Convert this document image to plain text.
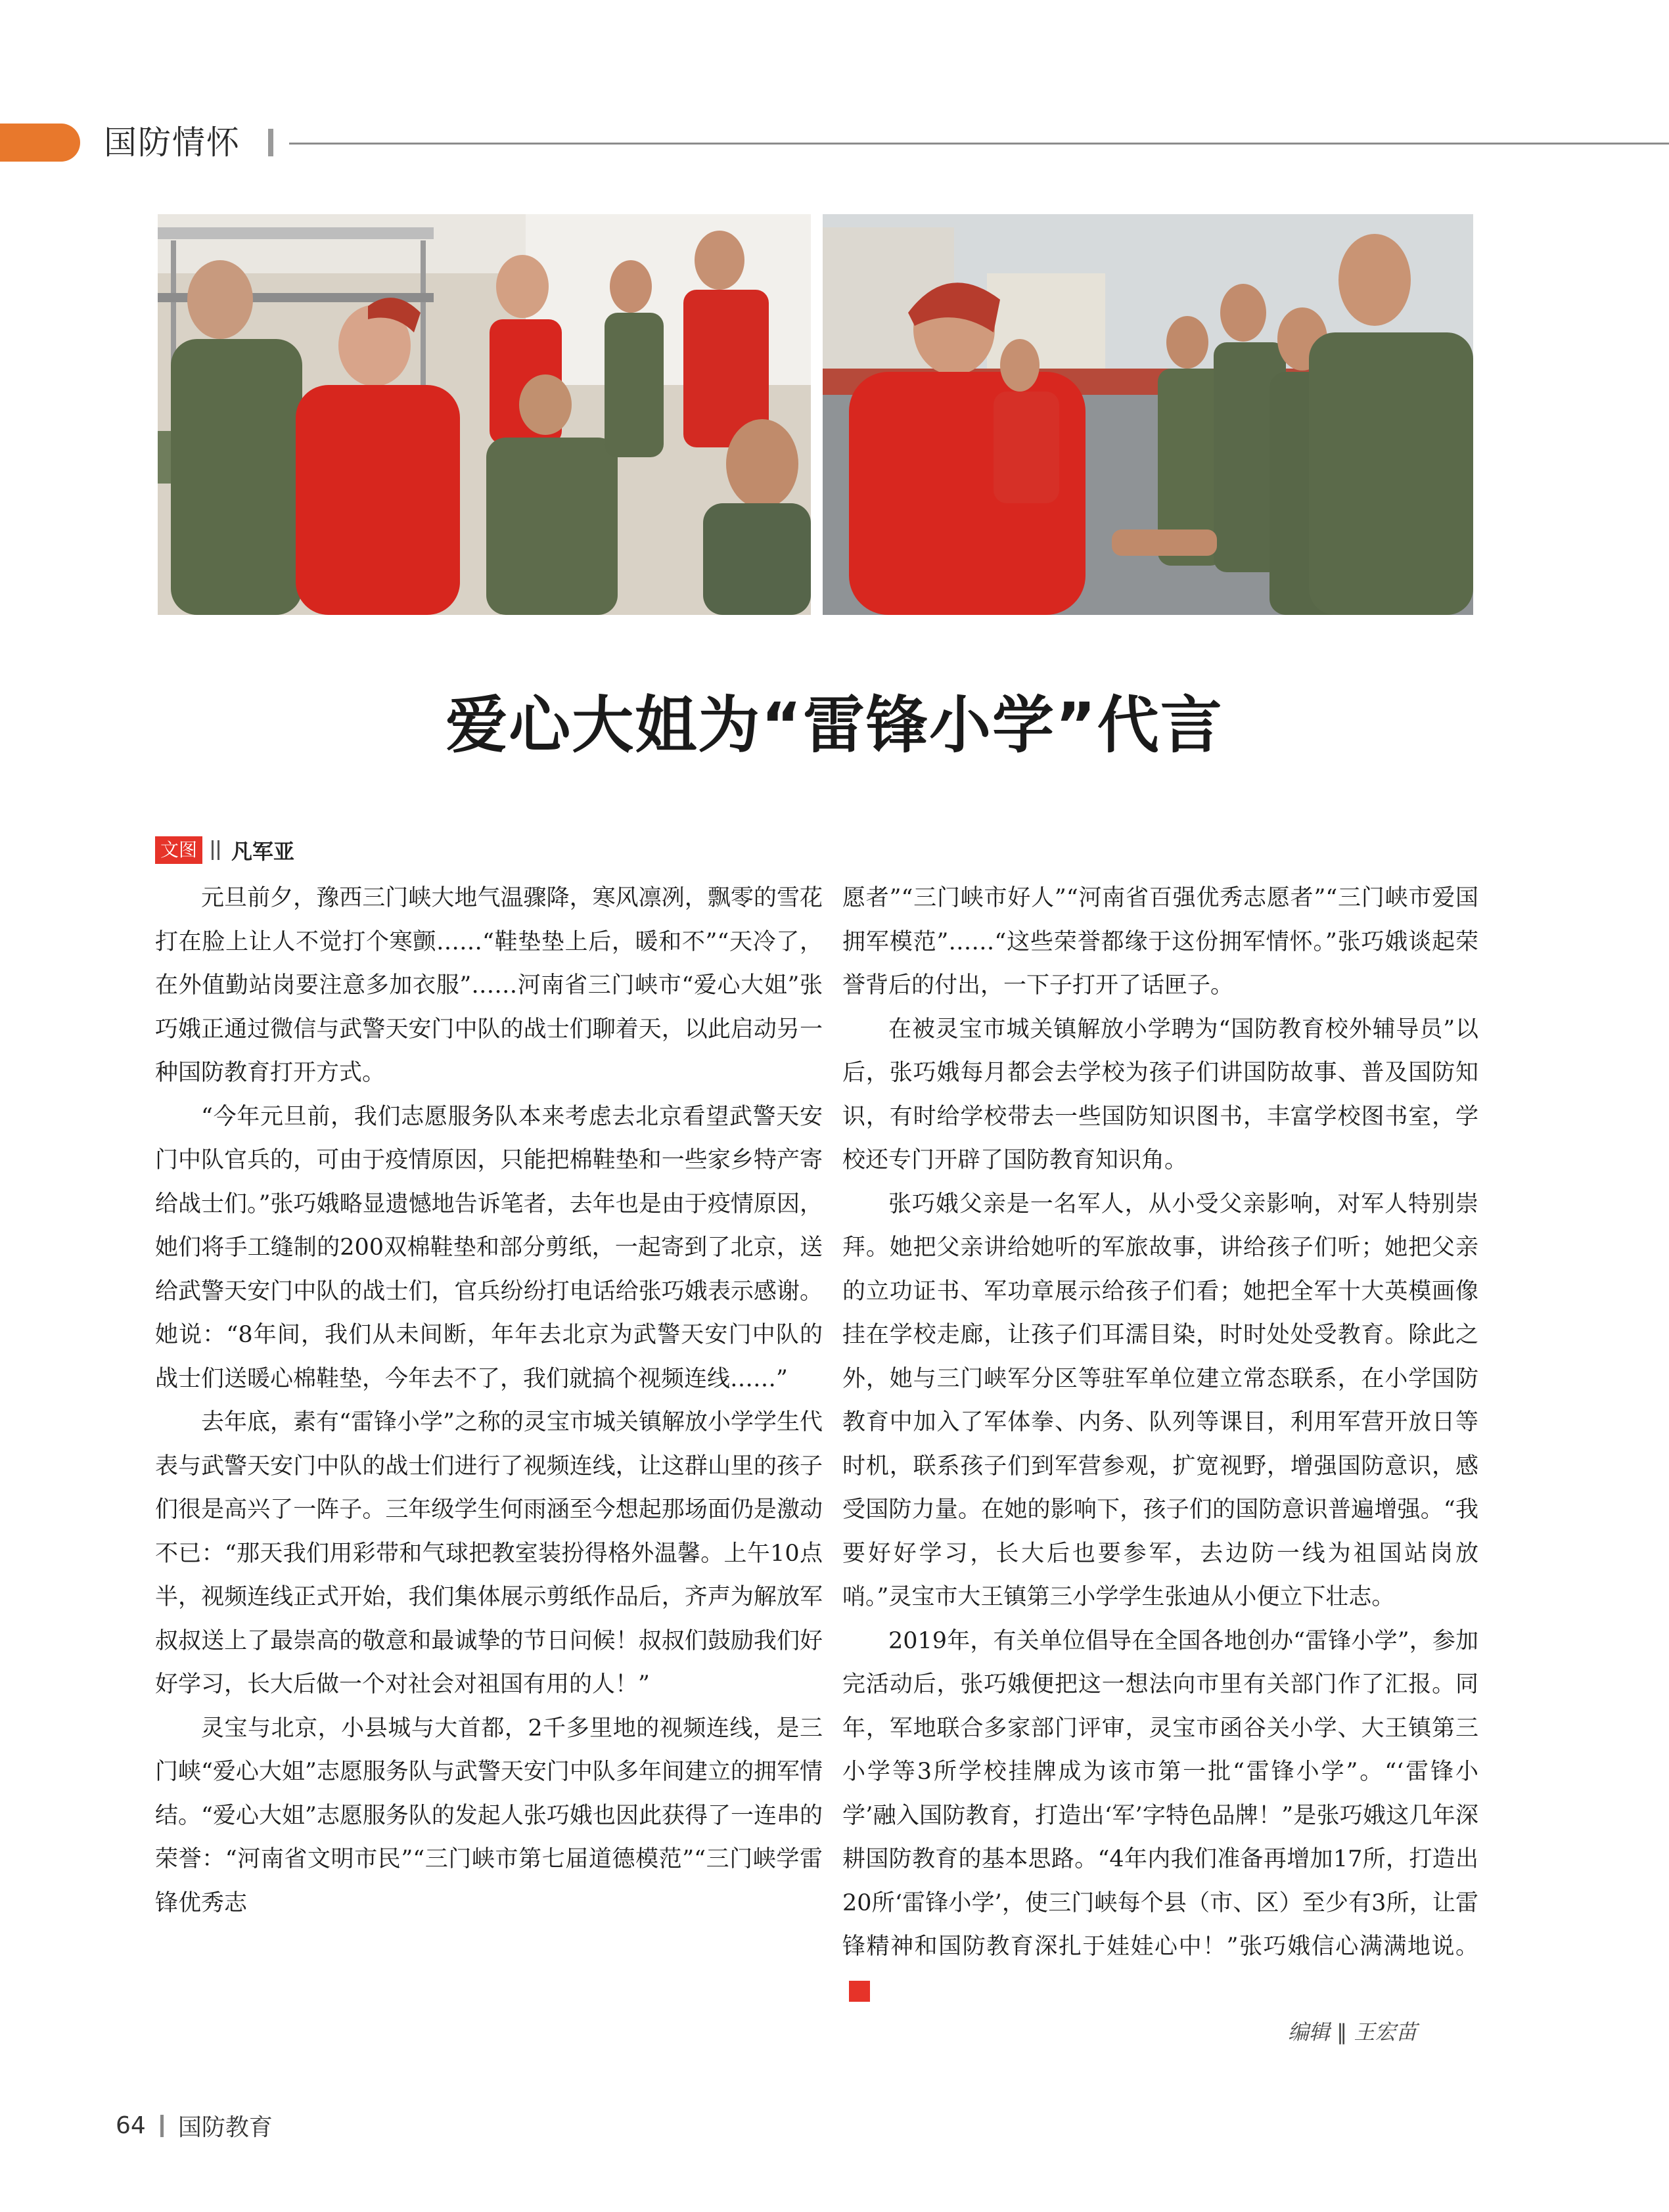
国防情怀
爱心大姐为“雷锋小学”代言
文图 凡军亚

元旦前夕，豫西三门峡大地气温骤降，寒风凛冽，飘零的雪花打在脸上让人不觉打个寒颤……“鞋垫垫上后，暖和不”“天冷了，在外值勤站岗要注意多加衣服”……河南省三门峡市“爱心大姐”张巧娥正通过微信与武警天安门中队的战士们聊着天，以此启动另一种国防教育打开方式。

“今年元旦前，我们志愿服务队本来考虑去北京看望武警天安门中队官兵的，可由于疫情原因，只能把棉鞋垫和一些家乡特产寄给战士们。”张巧娥略显遗憾地告诉笔者，去年也是由于疫情原因，她们将手工缝制的200双棉鞋垫和部分剪纸，一起寄到了北京，送给武警天安门中队的战士们，官兵纷纷打电话给张巧娥表示感谢。她说：“8年间，我们从未间断，年年去北京为武警天安门中队的战士们送暖心棉鞋垫，今年去不了，我们就搞个视频连线……”

去年底，素有“雷锋小学”之称的灵宝市城关镇解放小学学生代表与武警天安门中队的战士们进行了视频连线，让这群山里的孩子们很是高兴了一阵子。三年级学生何雨涵至今想起那场面仍是激动不已：“那天我们用彩带和气球把教室装扮得格外温馨。上午10点半，视频连线正式开始，我们集体展示剪纸作品后，齐声为解放军叔叔送上了最崇高的敬意和最诚挚的节日问候！叔叔们鼓励我们好好学习，长大后做一个对社会对祖国有用的人！”

灵宝与北京，小县城与大首都，2千多里地的视频连线，是三门峡“爱心大姐”志愿服务队与武警天安门中队多年间建立的拥军情结。“爱心大姐”志愿服务队的发起人张巧娥也因此获得了一连串的荣誉：“河南省文明市民”“三门峡市第七届道德模范”“三门峡学雷锋优秀志

愿者”“三门峡市好人”“河南省百强优秀志愿者”“三门峡市爱国拥军模范”……“这些荣誉都缘于这份拥军情怀。”张巧娥谈起荣誉背后的付出，一下子打开了话匣子。

在被灵宝市城关镇解放小学聘为“国防教育校外辅导员”以后，张巧娥每月都会去学校为孩子们讲国防故事、普及国防知识，有时给学校带去一些国防知识图书，丰富学校图书室，学校还专门开辟了国防教育知识角。

张巧娥父亲是一名军人，从小受父亲影响，对军人特别崇拜。她把父亲讲给她听的军旅故事，讲给孩子们听；她把父亲的立功证书、军功章展示给孩子们看；她把全军十大英模画像挂在学校走廊，让孩子们耳濡目染，时时处处受教育。除此之外，她与三门峡军分区等驻军单位建立常态联系，在小学国防教育中加入了军体拳、内务、队列等课目，利用军营开放日等时机，联系孩子们到军营参观，扩宽视野，增强国防意识，感受国防力量。在她的影响下，孩子们的国防意识普遍增强。“我要好好学习，长大后也要参军，去边防一线为祖国站岗放哨。”灵宝市大王镇第三小学学生张迪从小便立下壮志。

2019年，有关单位倡导在全国各地创办“雷锋小学”，参加完活动后，张巧娥便把这一想法向市里有关部门作了汇报。同年，军地联合多家部门评审，灵宝市函谷关小学、大王镇第三小学等3所学校挂牌成为该市第一批“雷锋小学”。“‘雷锋小学’融入国防教育，打造出‘军’字特色品牌！”是张巧娥这几年深耕国防教育的基本思路。“4年内我们准备再增加17所，打造出20所‘雷锋小学’，使三门峡每个县（市、区）至少有3所，让雷锋精神和国防教育深扎于娃娃心中！”张巧娥信心满满地说。G

编辑 ‖ 王宏苗
64 国防教育
